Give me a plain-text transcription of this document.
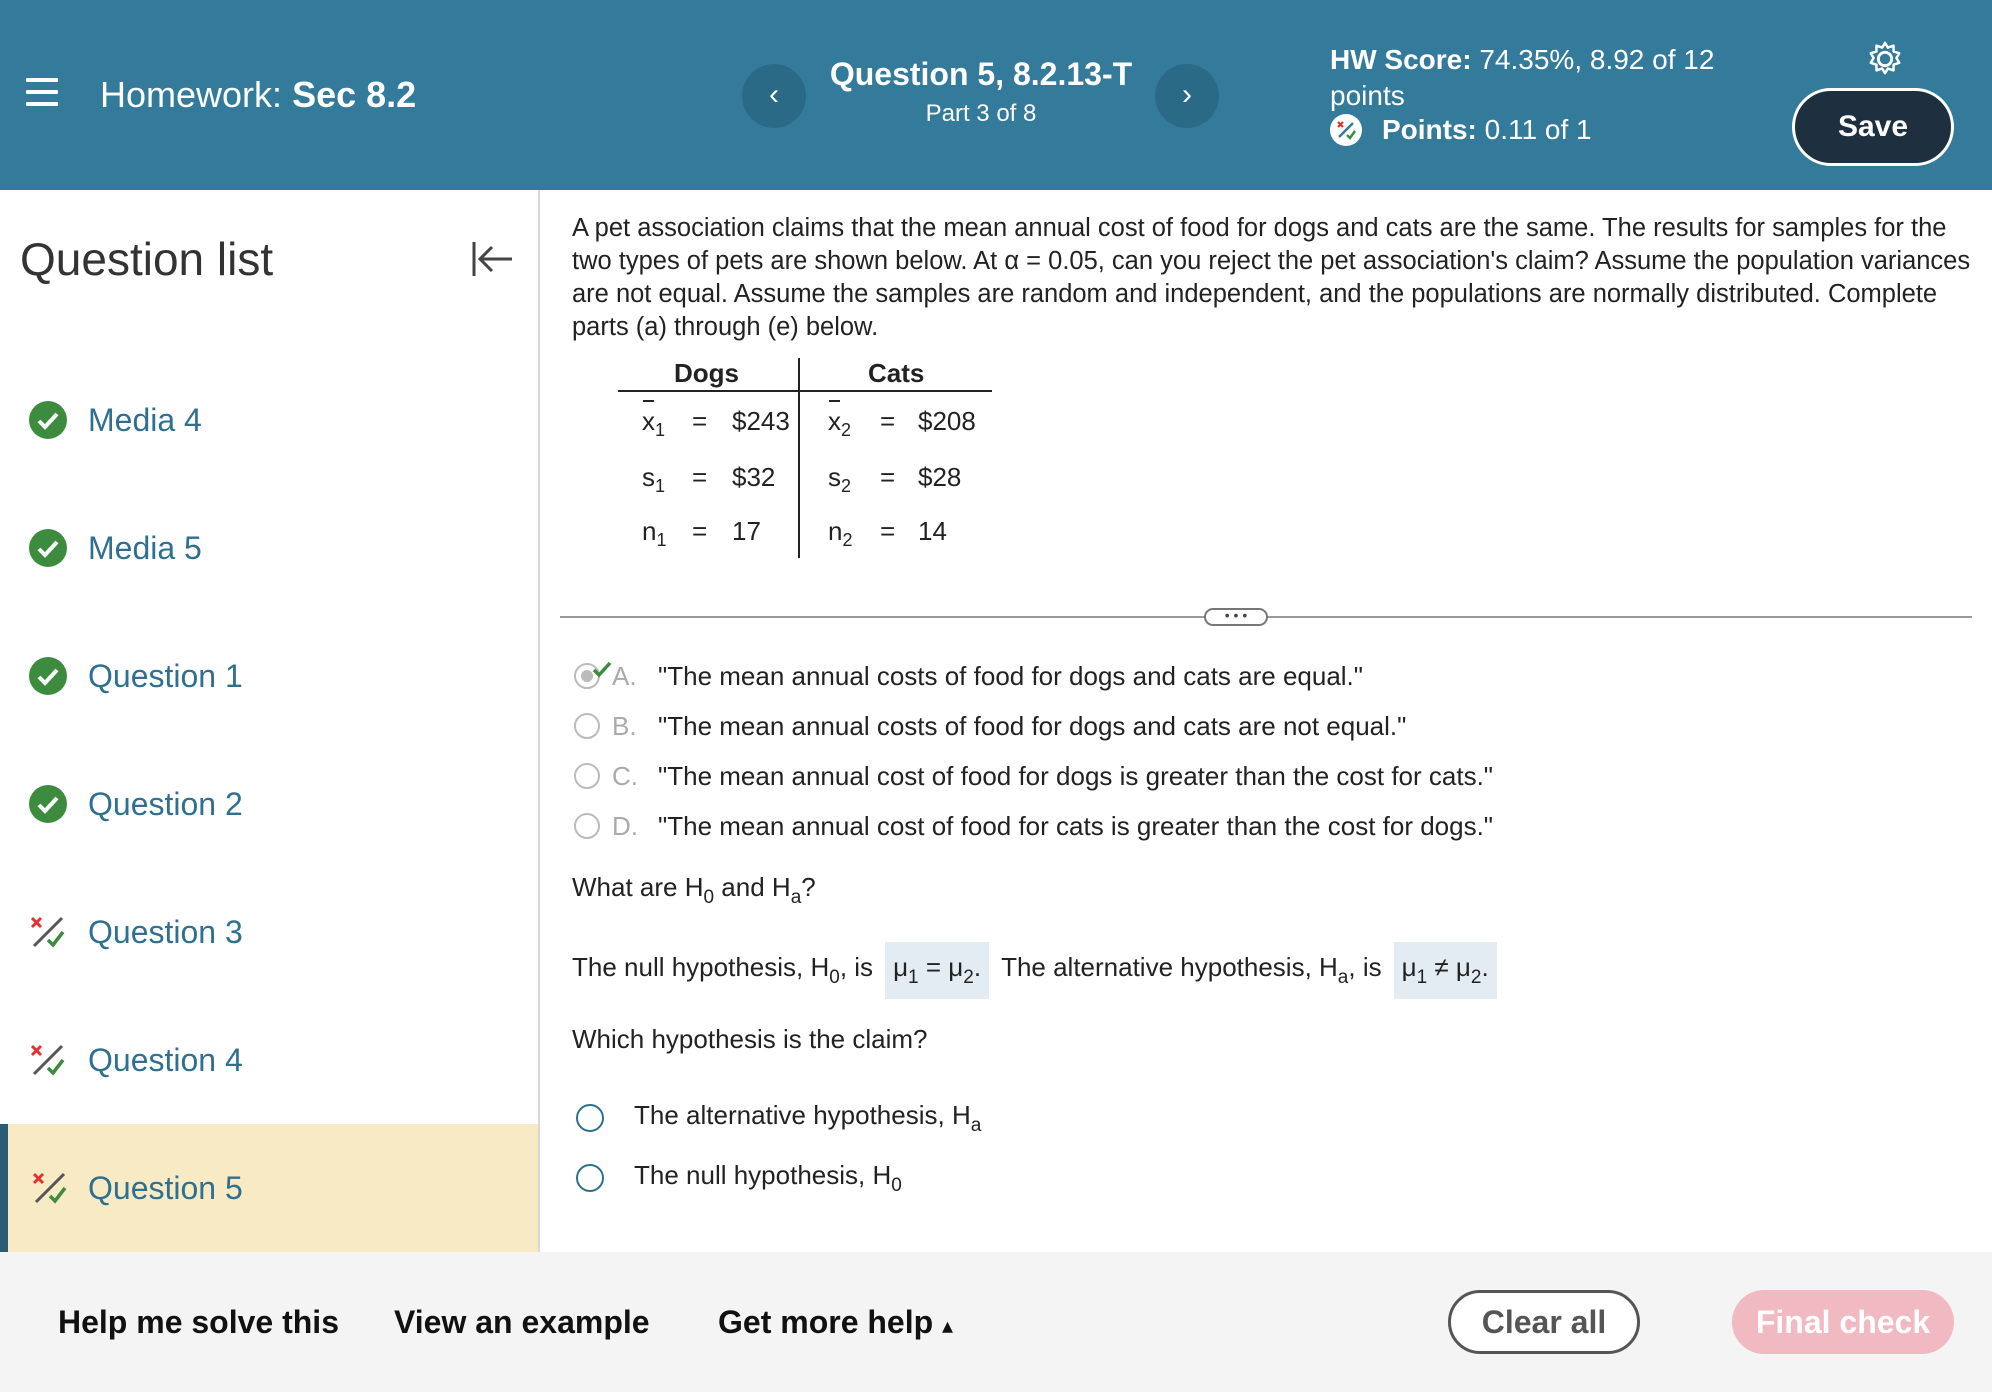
Homework: Sec 8.2	‹
Question 5, 8.2.13-T
Part 3 of 8
›
HW Score: 74.35%, 8.92 of 12
points
Points:
0.11 of 1	Save
Question list
Media 4
Media 5
Question 1
Question 2
Question 3
Question 4
Question 5
A pet association claims that the mean annual cost of food for dogs and cats are the same. The results for samples for the two types of pets are shown below. At α = 0.05, can you reject the pet association's claim? Assume the population variances are not equal. Assume the samples are random and independent, and the populations are normally distributed. Complete parts (a) through (e) below.
Dogs	Cats
$x_1$ = $243 $x_2$ = $208
$s_1$ = $32 $s_2$ = $28
$n_1 = 17$	$n_2 = 14$
• • •
A. "The mean annual costs of food for dogs and cats are equal."
B. "The mean annual costs of food for dogs and cats are not equal."
C. "The mean annual cost of food for dogs is greater than the cost for cats."
D. "The mean annual cost of food for cats is greater than the cost for dogs."
What are $H_0$ and $H_a$?
The null hypothesis, $H_0$, is $\mu_1 = \mu_2$. The alternative hypothesis, $H_a$, is $\mu_1 \ne \mu_2$.
Which hypothesis is the claim?
The alternative hypothesis, $H_a$
The null hypothesis, $H_0$
Help me solve this View an example Get more help ▴	Clear all	Final check
